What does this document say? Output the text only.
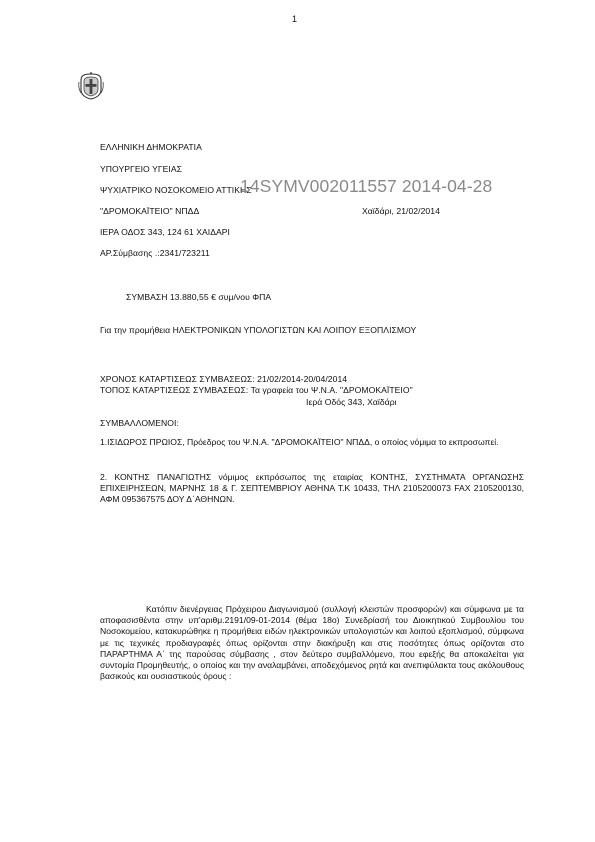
1
ΕΛΛΗΝΙΚΗ ΔΗΜΟΚΡΑΤΙΑ
ΥΠΟΥΡΓΕΙΟ ΥΓΕΙΑΣ
ΨΥΧΙΑΤΡΙΚΟ ΝΟΣΟΚΟΜΕΙΟ ΑΤΤΙΚΗΣ
14SYMV002011557 2014-04-28
"ΔΡΟΜΟΚΑΪΤΕΙΟ" ΝΠΔΔ	Χαϊδάρι, 21/02/2014
ΙΕΡΑ ΟΔΟΣ 343, 124 61 ΧΑΙΔΑΡΙ
ΑΡ.Σύμβασης .:2341/723211
ΣΥΜΒΑΣΗ 13.880,55 € συμ/νου ΦΠΑ
Για την προμήθεια ΗΛΕΚΤΡΟΝΙΚΩΝ ΥΠΟΛΟΓΙΣΤΩΝ ΚΑΙ ΛΟΙΠΟΥ ΕΞΟΠΛΙΣΜΟΥ
ΧΡΟΝΟΣ ΚΑΤΑΡΤΙΣΕΩΣ ΣΥΜΒΑΣΕΩΣ: 21/02/2014-20/04/2014
ΤΟΠΟΣ ΚΑΤΑΡΤΙΣΕΩΣ ΣΥΜΒΑΣΕΩΣ: Τα γραφεία του Ψ.Ν.Α. "ΔΡΟΜΟΚΑΪΤΕΙΟ"
Ιερά Οδός 343, Χαϊδάρι
ΣΥΜΒΑΛΛΟΜΕΝΟΙ:
1.ΙΣΙΔΩΡΟΣ ΠΡΩΙΟΣ, Πρόεδρος του Ψ.Ν.Α. "ΔΡΟΜΟΚΑΪΤΕΙΟ" ΝΠΔΔ, ο οποίος νόμιμα το εκπροσωπεί.
2. ΚΟΝΤΗΣ ΠΑΝΑΓΙΩΤΗΣ νόμιμος εκπρόσωπος της εταιρίας ΚΟΝΤΗΣ, ΣΥΣΤΗΜΑΤΑ ΟΡΓΑΝΩΣΗΣ ΕΠΙΧΕΙΡΗΣΕΩΝ, ΜΑΡΝΗΣ 18 & Γ. ΣΕΠΤΕΜΒΡΙΟΥ ΑΘΗΝΑ Τ.Κ 10433, ΤΗΛ 2105200073 FAX 2105200130, ΑΦΜ 095367575 ΔΟΥ Δ΄ΑΘΗΝΩΝ.
Κατόπιν διενέργειας Πρόχειρου Διαγωνισμού (συλλογή κλειστών προσφορών) και σύμφωνα με τα αποφασισθέντα στην υπ'αριθμ.2191/09-01-2014 (θέμα 18ο) Συνεδρίασή του Διοικητικού Συμβουλίου του Νοσοκομείου, κατακυρώθηκε η προμήθεια ειδών ηλεκτρονικών υπολογιστών και λοιπού εξοπλισμού, σύμφωνα με τις τεχνικές προδιαγραφές όπως ορίζονται στην διακήρυξη και στις ποσότητες όπως ορίζονται στο ΠΑΡΑΡΤΗΜΑ Α΄ της παρούσας σύμβασης , στον δεύτερο συμβαλλόμενο, που εφεξής θα αποκαλείται για συντομία Προμηθευτής, ο οποίος και την αναλαμβάνει, αποδεχόμενος ρητά και ανεπιφύλακτα τους ακόλουθους βασικούς και ουσιαστικούς όρους :
